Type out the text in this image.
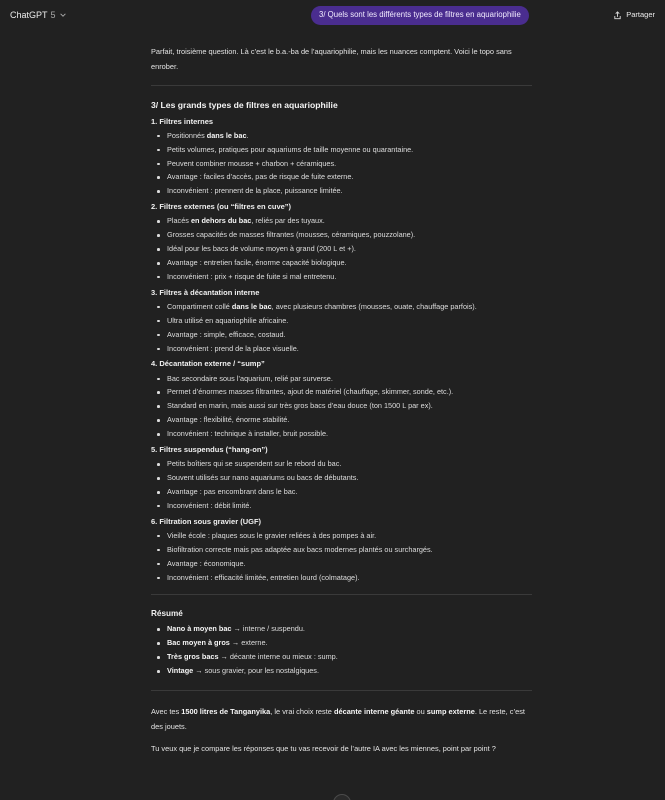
ChatGPT 5	Partager
3/ Quels sont les différents types de filtres en aquariophilie

Parfait, troisième question. Là c’est le b.a.-ba de l’aquariophilie, mais les nuances comptent. Voici le topo sans enrober.

3/ Les grands types de filtres en aquariophilie
1. Filtres internes
Positionnés dans le bac.
Petits volumes, pratiques pour aquariums de taille moyenne ou quarantaine.
Peuvent combiner mousse + charbon + céramiques.
Avantage : faciles d’accès, pas de risque de fuite externe.
Inconvénient : prennent de la place, puissance limitée.
2. Filtres externes (ou “filtres en cuve”)
Placés en dehors du bac, reliés par des tuyaux.
Grosses capacités de masses filtrantes (mousses, céramiques, pouzzolane).
Idéal pour les bacs de volume moyen à grand (200 L et +).
Avantage : entretien facile, énorme capacité biologique.
Inconvénient : prix + risque de fuite si mal entretenu.
3. Filtres à décantation interne
Compartiment collé dans le bac, avec plusieurs chambres (mousses, ouate, chauffage parfois).
Ultra utilisé en aquariophilie africaine.
Avantage : simple, efficace, costaud.
Inconvénient : prend de la place visuelle.
4. Décantation externe / “sump”
Bac secondaire sous l’aquarium, relié par surverse.
Permet d’énormes masses filtrantes, ajout de matériel (chauffage, skimmer, sonde, etc.).
Standard en marin, mais aussi sur très gros bacs d’eau douce (ton 1500 L par ex).
Avantage : flexibilité, énorme stabilité.
Inconvénient : technique à installer, bruit possible.
5. Filtres suspendus (“hang-on”)
Petits boîtiers qui se suspendent sur le rebord du bac.
Souvent utilisés sur nano aquariums ou bacs de débutants.
Avantage : pas encombrant dans le bac.
Inconvénient : débit limité.
6. Filtration sous gravier (UGF)
Vieille école : plaques sous le gravier reliées à des pompes à air.
Biofiltration correcte mais pas adaptée aux bacs modernes plantés ou surchargés.
Avantage : économique.
Inconvénient : efficacité limitée, entretien lourd (colmatage).
Résumé
Nano à moyen bac → interne / suspendu.
Bac moyen à gros → externe.
Très gros bacs → décante interne ou mieux : sump.
Vintage → sous gravier, pour les nostalgiques.

Avec tes 1500 litres de Tanganyika, le vrai choix reste décante interne géante ou sump externe. Le reste, c’est des jouets.

Tu veux que je compare les réponses que tu vas recevoir de l’autre IA avec les miennes, point par point ?
